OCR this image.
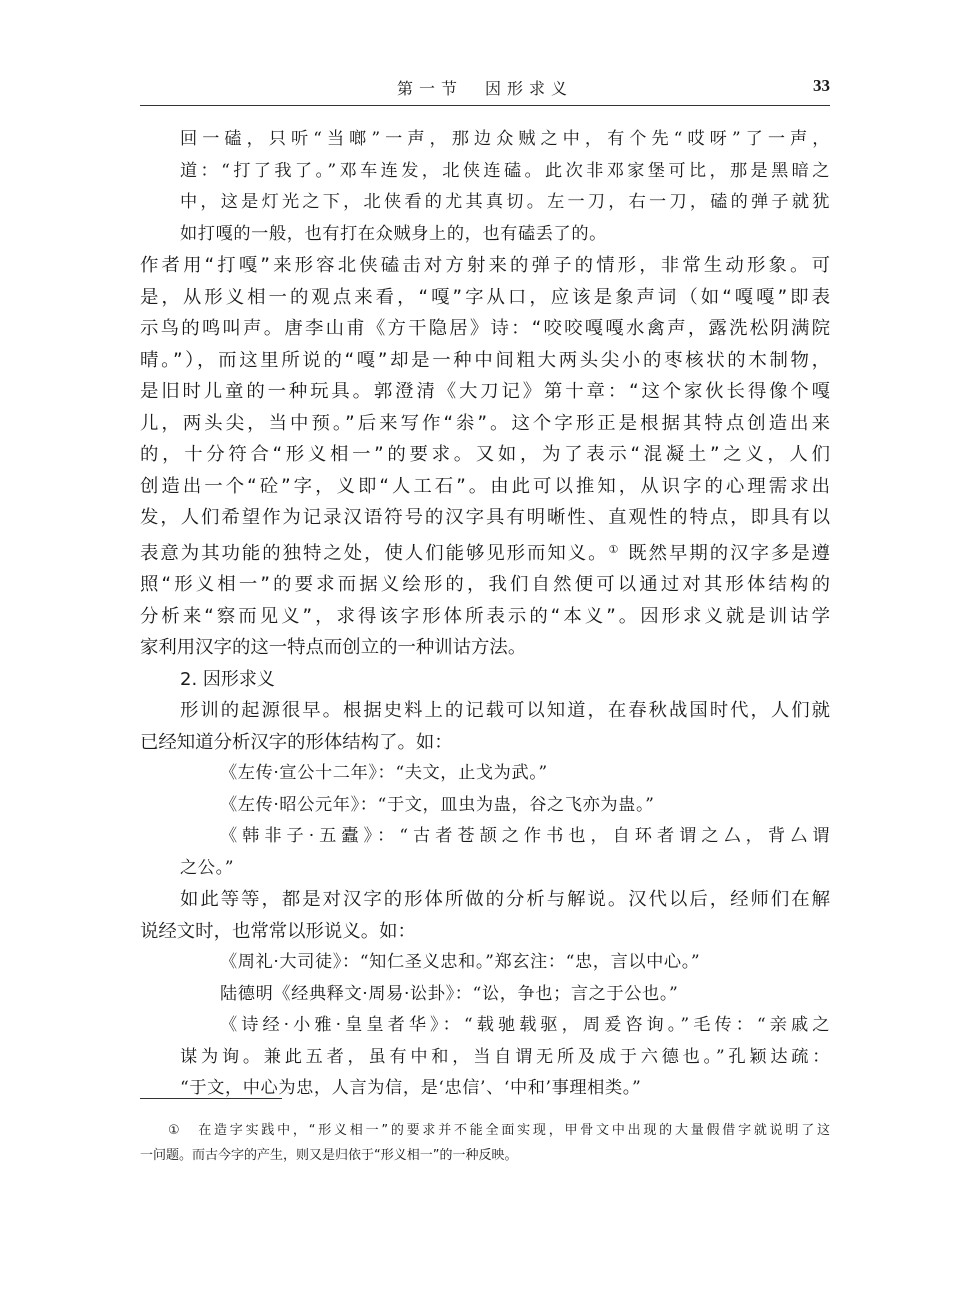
第一节　因形求义	33

回一磕，只听“当啷”一声，那边众贼之中，有个先“哎呀”了一声，

道：“打了我了。”邓车连发，北侠连磕。此次非邓家堡可比，那是黑暗之

中，这是灯光之下，北侠看的尤其真切。左一刀，右一刀，磕的弹子就犹

如打嘎的一般，也有打在众贼身上的，也有磕丢了的。

作者用“打嘎”来形容北侠磕击对方射来的弹子的情形，非常生动形象。可

是，从形义相一的观点来看，“嘎”字从口，应该是象声词（如“嘎嘎”即表

示鸟的鸣叫声。唐李山甫《方干隐居》诗：“咬咬嘎嘎水禽声，露洗松阴满院

晴。”），而这里所说的“嘎”却是一种中间粗大两头尖小的枣核状的木制物，

是旧时儿童的一种玩具。郭澄清《大刀记》第十章：“这个家伙长得像个嘎

儿，两头尖，当中预。”后来写作“尜”。这个字形正是根据其特点创造出来

的，十分符合“形义相一”的要求。又如，为了表示“混凝土”之义，人们

创造出一个“砼”字，义即“人工石”。由此可以推知，从识字的心理需求出

发，人们希望作为记录汉语符号的汉字具有明晰性、直观性的特点，即具有以

表意为其功能的独特之处，使人们能够见形而知义。① 既然早期的汉字多是遵

照“形义相一”的要求而据义绘形的，我们自然便可以通过对其形体结构的

分析来“察而见义”，求得该字形体所表示的“本义”。因形求义就是训诂学

家利用汉字的这一特点而创立的一种训诂方法。

2. 因形求义

形训的起源很早。根据史料上的记载可以知道，在春秋战国时代，人们就

已经知道分析汉字的形体结构了。如：

《左传·宣公十二年》：“夫文，止戈为武。”

《左传·昭公元年》：“于文，皿虫为蛊，谷之飞亦为蛊。”

《韩非子·五蠹》：“古者苍颉之作书也，自环者谓之厶，背厶谓

之公。”

如此等等，都是对汉字的形体所做的分析与解说。汉代以后，经师们在解

说经文时，也常常以形说义。如：

《周礼·大司徒》：“知仁圣义忠和。”郑玄注：“忠，言以中心。”

陆德明《经典释文·周易·讼卦》：“讼，争也；言之于公也。”

《诗经·小雅·皇皇者华》：“载驰载驱，周爰咨询。”毛传：“亲戚之

谋为询。兼此五者，虽有中和，当自谓无所及成于六德也。”孔颖达疏：

“于文，中心为忠，人言为信，是‘忠信’、‘中和’事理相类。”

①　在造字实践中，“形义相一”的要求并不能全面实现，甲骨文中出现的大量假借字就说明了这
一问题。而古今字的产生，则又是归依于“形义相一”的一种反映。
